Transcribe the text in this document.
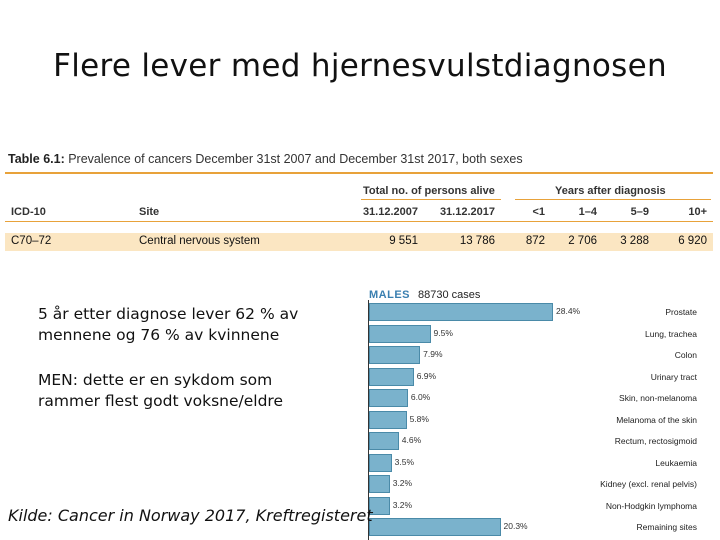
Flere lever med hjernesvulstdiagnosen
Table 6.1: Prevalence of cancers December 31st 2007 and December 31st 2017, both sexes
Total no. of persons alive	Years after diagnosis
ICD-10	Site	31.12.2007	31.12.2017	<1	1–4	5–9	10+
C70–72	Central nervous system	9 551	13 786	872	2 706	3 288	6 920
5 år etter diagnose lever 62 % av
mennene og 76 % av kvinnene
MEN: dette er en sykdom som
rammer flest godt voksne/eldre
MALES 88730 cases
28.4%	Prostate
9.5%	Lung, trachea
7.9%	Colon
6.9%	Urinary tract
6.0%	Skin, non-melanoma
5.8%	Melanoma of the skin
4.6%	Rectum, rectosigmoid
3.5%	Leukaemia
3.2%	Kidney (excl. renal pelvis)
3.2%	Non-Hodgkin lymphoma
20.3%	Remaining sites
Kilde: Cancer in Norway 2017, Kreftregisteret
